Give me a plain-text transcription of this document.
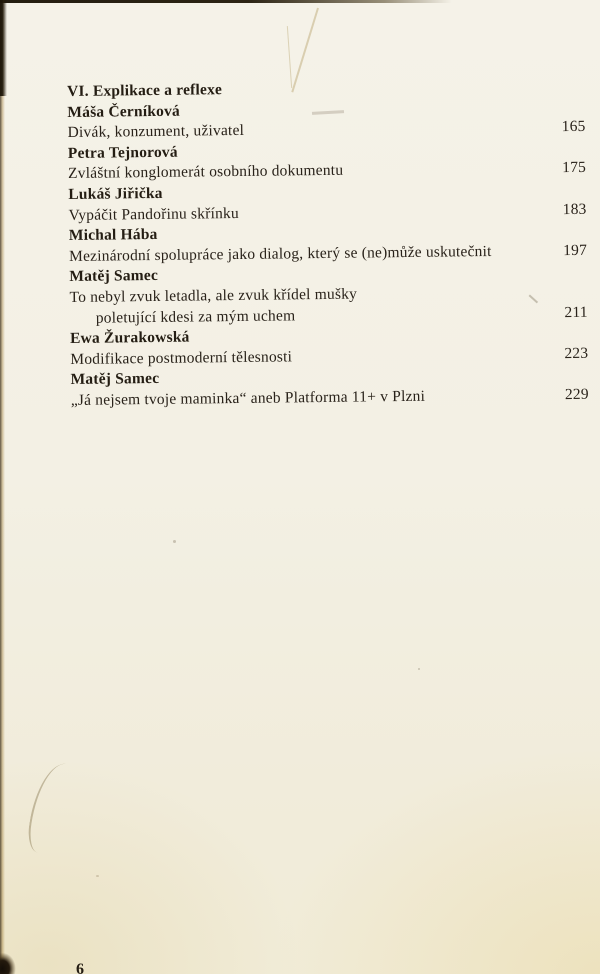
VI. Explikace a reflexe
Máša Černíková
Divák, konzument, uživatel	165
Petra Tejnorová
Zvláštní konglomerát osobního dokumentu	175
Lukáš Jiřička
Vypáčit Pandořinu skřínku	183
Michal Hába
Mezinárodní spolupráce jako dialog, který se (ne)může uskutečnit	197
Matěj Samec
To nebyl zvuk letadla, ale zvuk křídel mušky
poletující kdesi za mým uchem	211
Ewa Žurakowská
Modifikace postmoderní tělesnosti	223
Matěj Samec
„Já nejsem tvoje maminka“ aneb Platforma 11+ v Plzni	229
6
